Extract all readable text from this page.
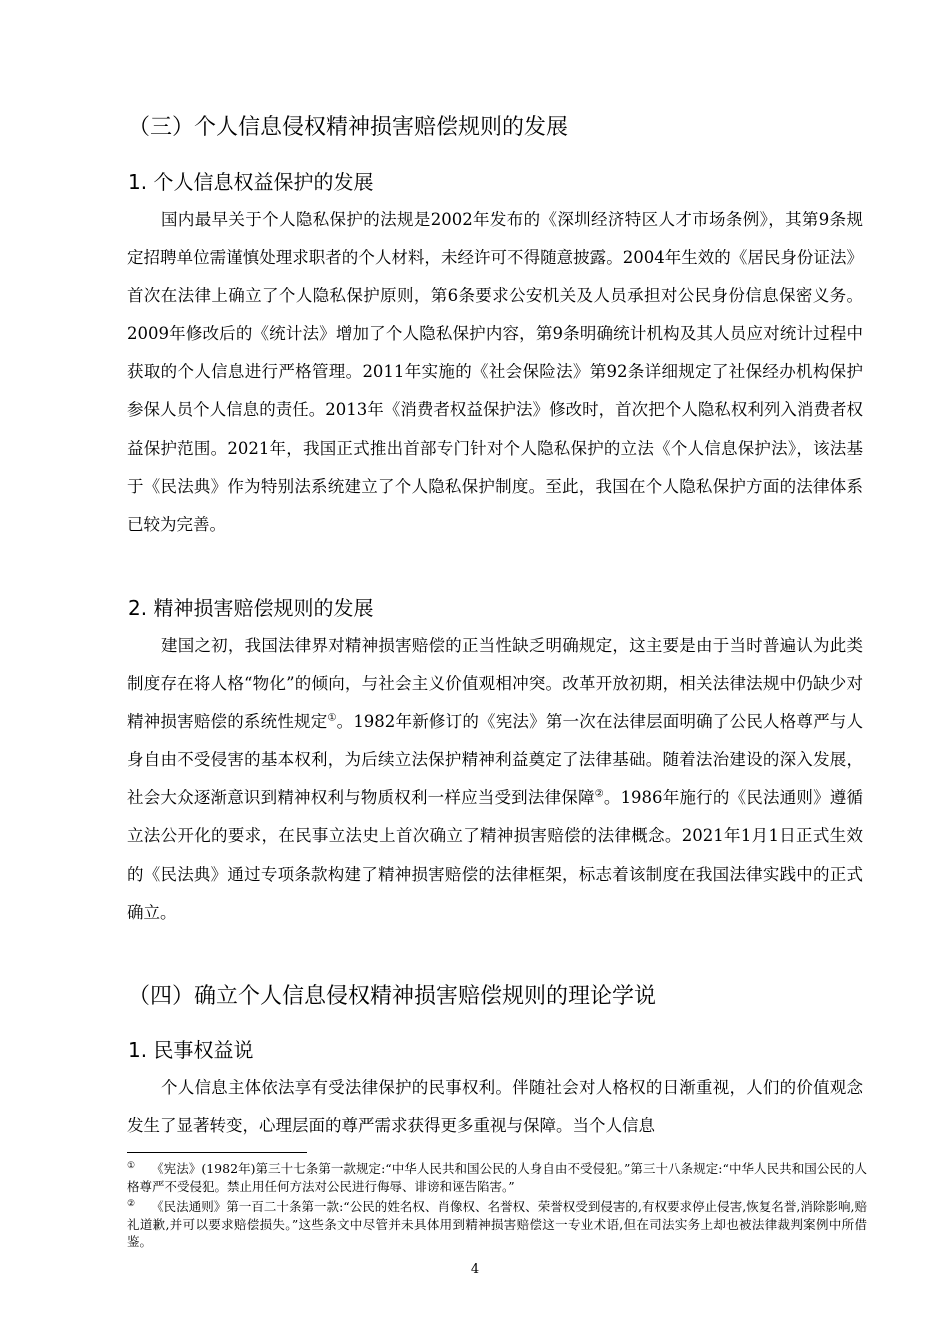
（三）个人信息侵权精神损害赔偿规则的发展
1. 个人信息权益保护的发展

国内最早关于个人隐私保护的法规是2002年发布的《深圳经济特区人才市场条例》，其第9条规定招聘单位需谨慎处理求职者的个人材料，未经许可不得随意披露。2004年生效的《居民身份证法》首次在法律上确立了个人隐私保护原则，第6条要求公安机关及人员承担对公民身份信息保密义务。2009年修改后的《统计法》增加了个人隐私保护内容，第9条明确统计机构及其人员应对统计过程中获取的个人信息进行严格管理。2011年实施的《社会保险法》第92条详细规定了社保经办机构保护参保人员个人信息的责任。2013年《消费者权益保护法》修改时，首次把个人隐私权利列入消费者权益保护范围。2021年，我国正式推出首部专门针对个人隐私保护的立法《个人信息保护法》，该法基于《民法典》作为特别法系统建立了个人隐私保护制度。至此，我国在个人隐私保护方面的法律体系已较为完善。

2. 精神损害赔偿规则的发展

建国之初，我国法律界对精神损害赔偿的正当性缺乏明确规定，这主要是由于当时普遍认为此类制度存在将人格“物化”的倾向，与社会主义价值观相冲突。改革开放初期，相关法律法规中仍缺少对精神损害赔偿的系统性规定①。1982年新修订的《宪法》第一次在法律层面明确了公民人格尊严与人身自由不受侵害的基本权利，为后续立法保护精神利益奠定了法律基础。随着法治建设的深入发展，社会大众逐渐意识到精神权利与物质权利一样应当受到法律保障②。1986年施行的《民法通则》遵循立法公开化的要求，在民事立法史上首次确立了精神损害赔偿的法律概念。2021年1月1日正式生效的《民法典》通过专项条款构建了精神损害赔偿的法律框架，标志着该制度在我国法律实践中的正式确立。

（四）确立个人信息侵权精神损害赔偿规则的理论学说
1. 民事权益说

个人信息主体依法享有受法律保护的民事权利。伴随社会对人格权的日渐重视，人们的价值观念发生了显著转变，心理层面的尊严需求获得更多重视与保障。当个人信息

① 《宪法》(1982年)第三十七条第一款规定:“中华人民共和国公民的人身自由不受侵犯。”第三十八条规定:“中华人民共和国公民的人格尊严不受侵犯。禁止用任何方法对公民进行侮辱、诽谤和诬告陷害。”

② 《民法通则》第一百二十条第一款:“公民的姓名权、肖像权、名誉权、荣誉权受到侵害的,有权要求停止侵害,恢复名誉,消除影响,赔礼道歉,并可以要求赔偿损失。”这些条文中尽管并未具体用到精神损害赔偿这一专业术语,但在司法实务上却也被法律裁判案例中所借鉴。

4
